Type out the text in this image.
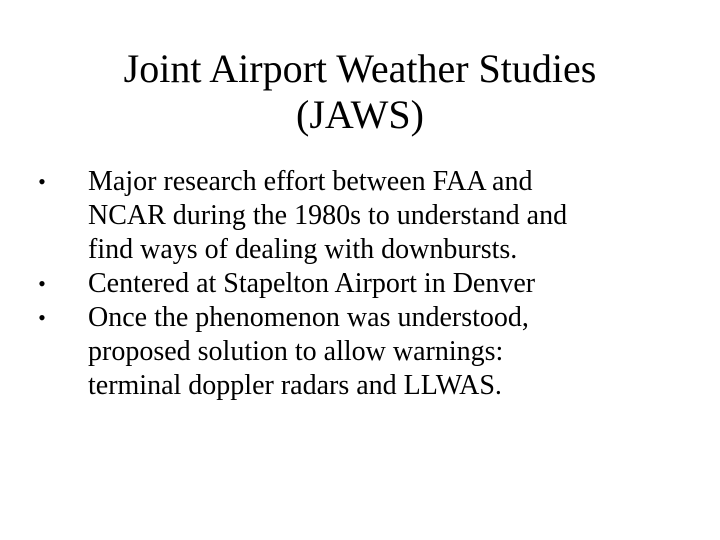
Joint Airport Weather Studies
(JAWS)
• Major research effort between FAA and
NCAR during the 1980s to understand and
find ways of dealing with downbursts.
• Centered at Stapelton Airport in Denver
• Once the phenomenon was understood,
proposed solution to allow warnings:
terminal doppler radars and LLWAS.
